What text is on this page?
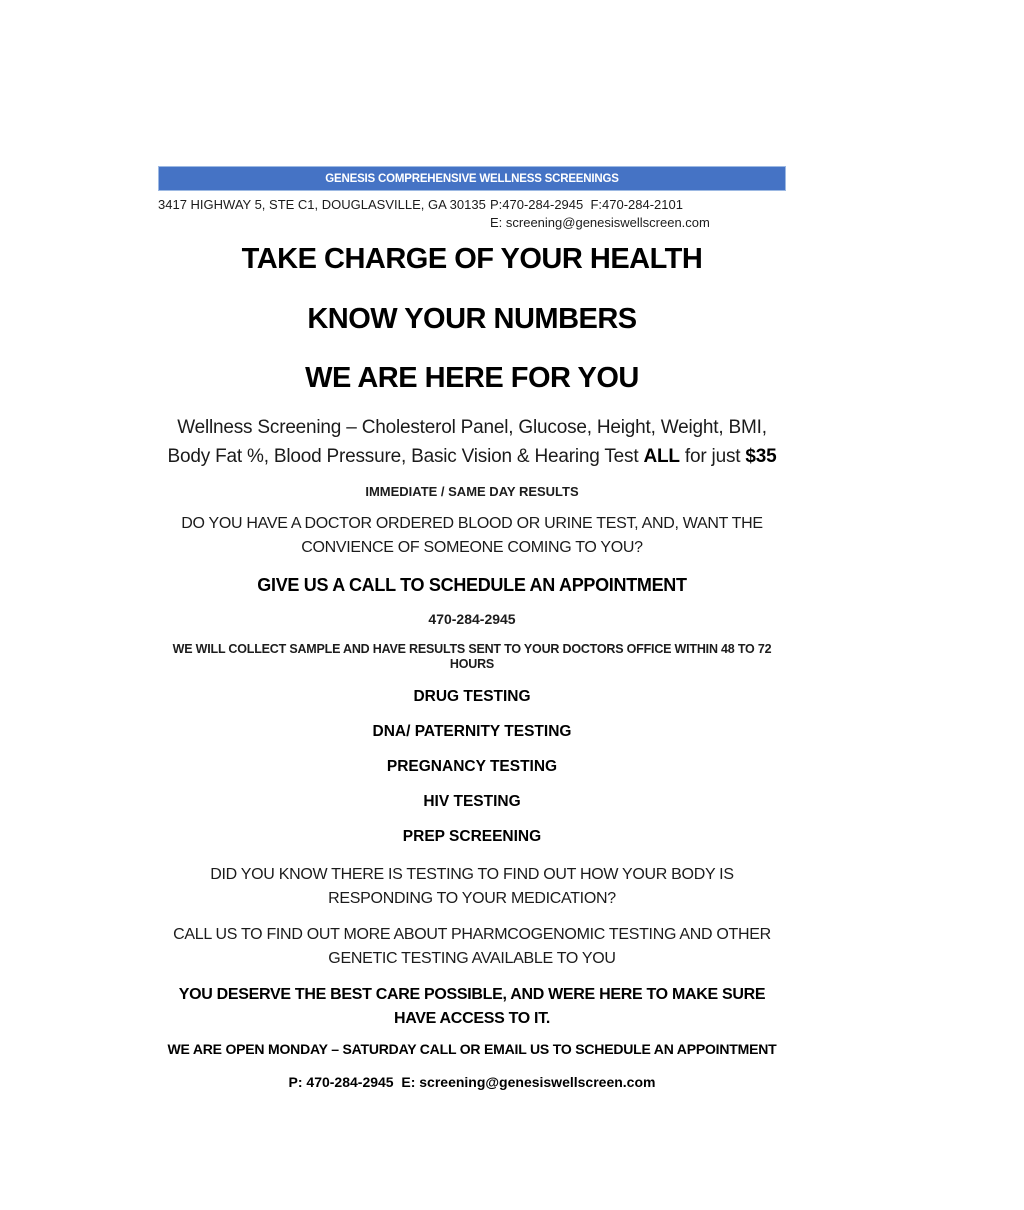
GENESIS COMPREHENSIVE WELLNESS SCREENINGS
3417 HIGHWAY 5, STE C1, DOUGLASVILLE, GA 30135 P:470-284-2945  F:470-284-2101
E: screening@genesiswellscreen.com
TAKE CHARGE OF YOUR HEALTH
KNOW YOUR NUMBERS
WE ARE HERE FOR YOU

Wellness Screening – Cholesterol Panel, Glucose, Height, Weight, BMI, Body Fat %, Blood Pressure, Basic Vision & Hearing Test ALL for just $35

IMMEDIATE / SAME DAY RESULTS

DO YOU HAVE A DOCTOR ORDERED BLOOD OR URINE TEST, AND, WANT THE CONVIENCE OF SOMEONE COMING TO YOU?

GIVE US A CALL TO SCHEDULE AN APPOINTMENT
470-284-2945
WE WILL COLLECT SAMPLE AND HAVE RESULTS SENT TO YOUR DOCTORS OFFICE WITHIN 48 TO 72 HOURS
DRUG TESTING
DNA/ PATERNITY TESTING
PREGNANCY TESTING
HIV TESTING
PREP SCREENING

DID YOU KNOW THERE IS TESTING TO FIND OUT HOW YOUR BODY IS RESPONDING TO YOUR MEDICATION?

CALL US TO FIND OUT MORE ABOUT PHARMCOGENOMIC TESTING AND OTHER GENETIC TESTING AVAILABLE TO YOU

YOU DESERVE THE BEST CARE POSSIBLE, AND WERE HERE TO MAKE SURE HAVE ACCESS TO IT.

WE ARE OPEN MONDAY – SATURDAY CALL OR EMAIL US TO SCHEDULE AN APPOINTMENT
P: 470-284-2945  E: screening@genesiswellscreen.com
